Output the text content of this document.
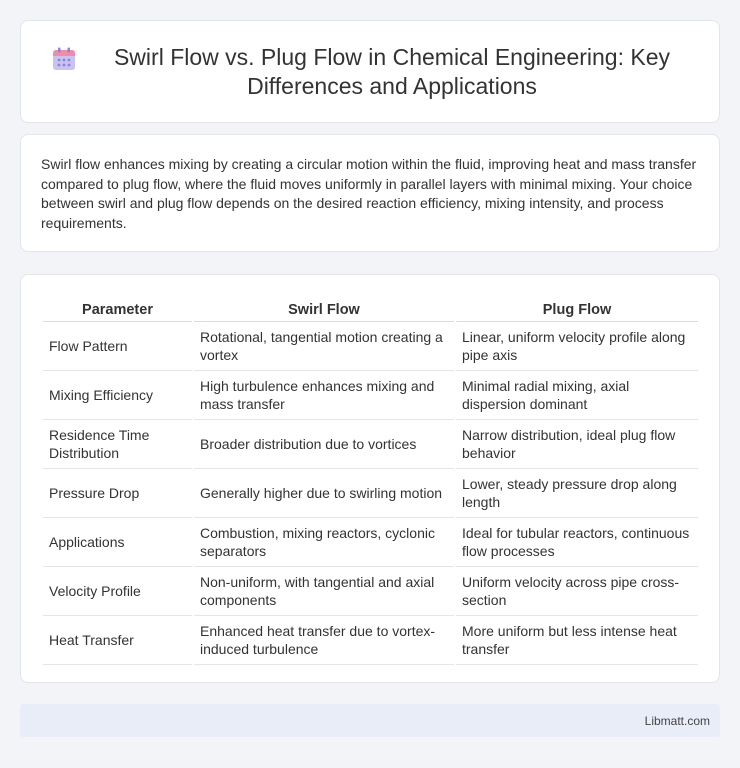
Swirl Flow vs. Plug Flow in Chemical Engineering: Key Differences and Applications

Swirl flow enhances mixing by creating a circular motion within the fluid, improving heat and mass transfer compared to plug flow, where the fluid moves uniformly in parallel layers with minimal mixing. Your choice between swirl and plug flow depends on the desired reaction efficiency, mixing intensity, and process requirements.

Parameter	Swirl Flow	Plug Flow
Flow Pattern	Rotational, tangential motion creating a vortex	Linear, uniform velocity profile along pipe axis
Mixing Efficiency	High turbulence enhances mixing and mass transfer	Minimal radial mixing, axial dispersion dominant
Residence Time Distribution	Broader distribution due to vortices	Narrow distribution, ideal plug flow behavior
Pressure Drop	Generally higher due to swirling motion	Lower, steady pressure drop along length
Applications	Combustion, mixing reactors, cyclonic separators	Ideal for tubular reactors, continuous flow processes
Velocity Profile	Non-uniform, with tangential and axial components	Uniform velocity across pipe cross-section
Heat Transfer	Enhanced heat transfer due to vortex-induced turbulence	More uniform but less intense heat transfer
Libmatt.com
